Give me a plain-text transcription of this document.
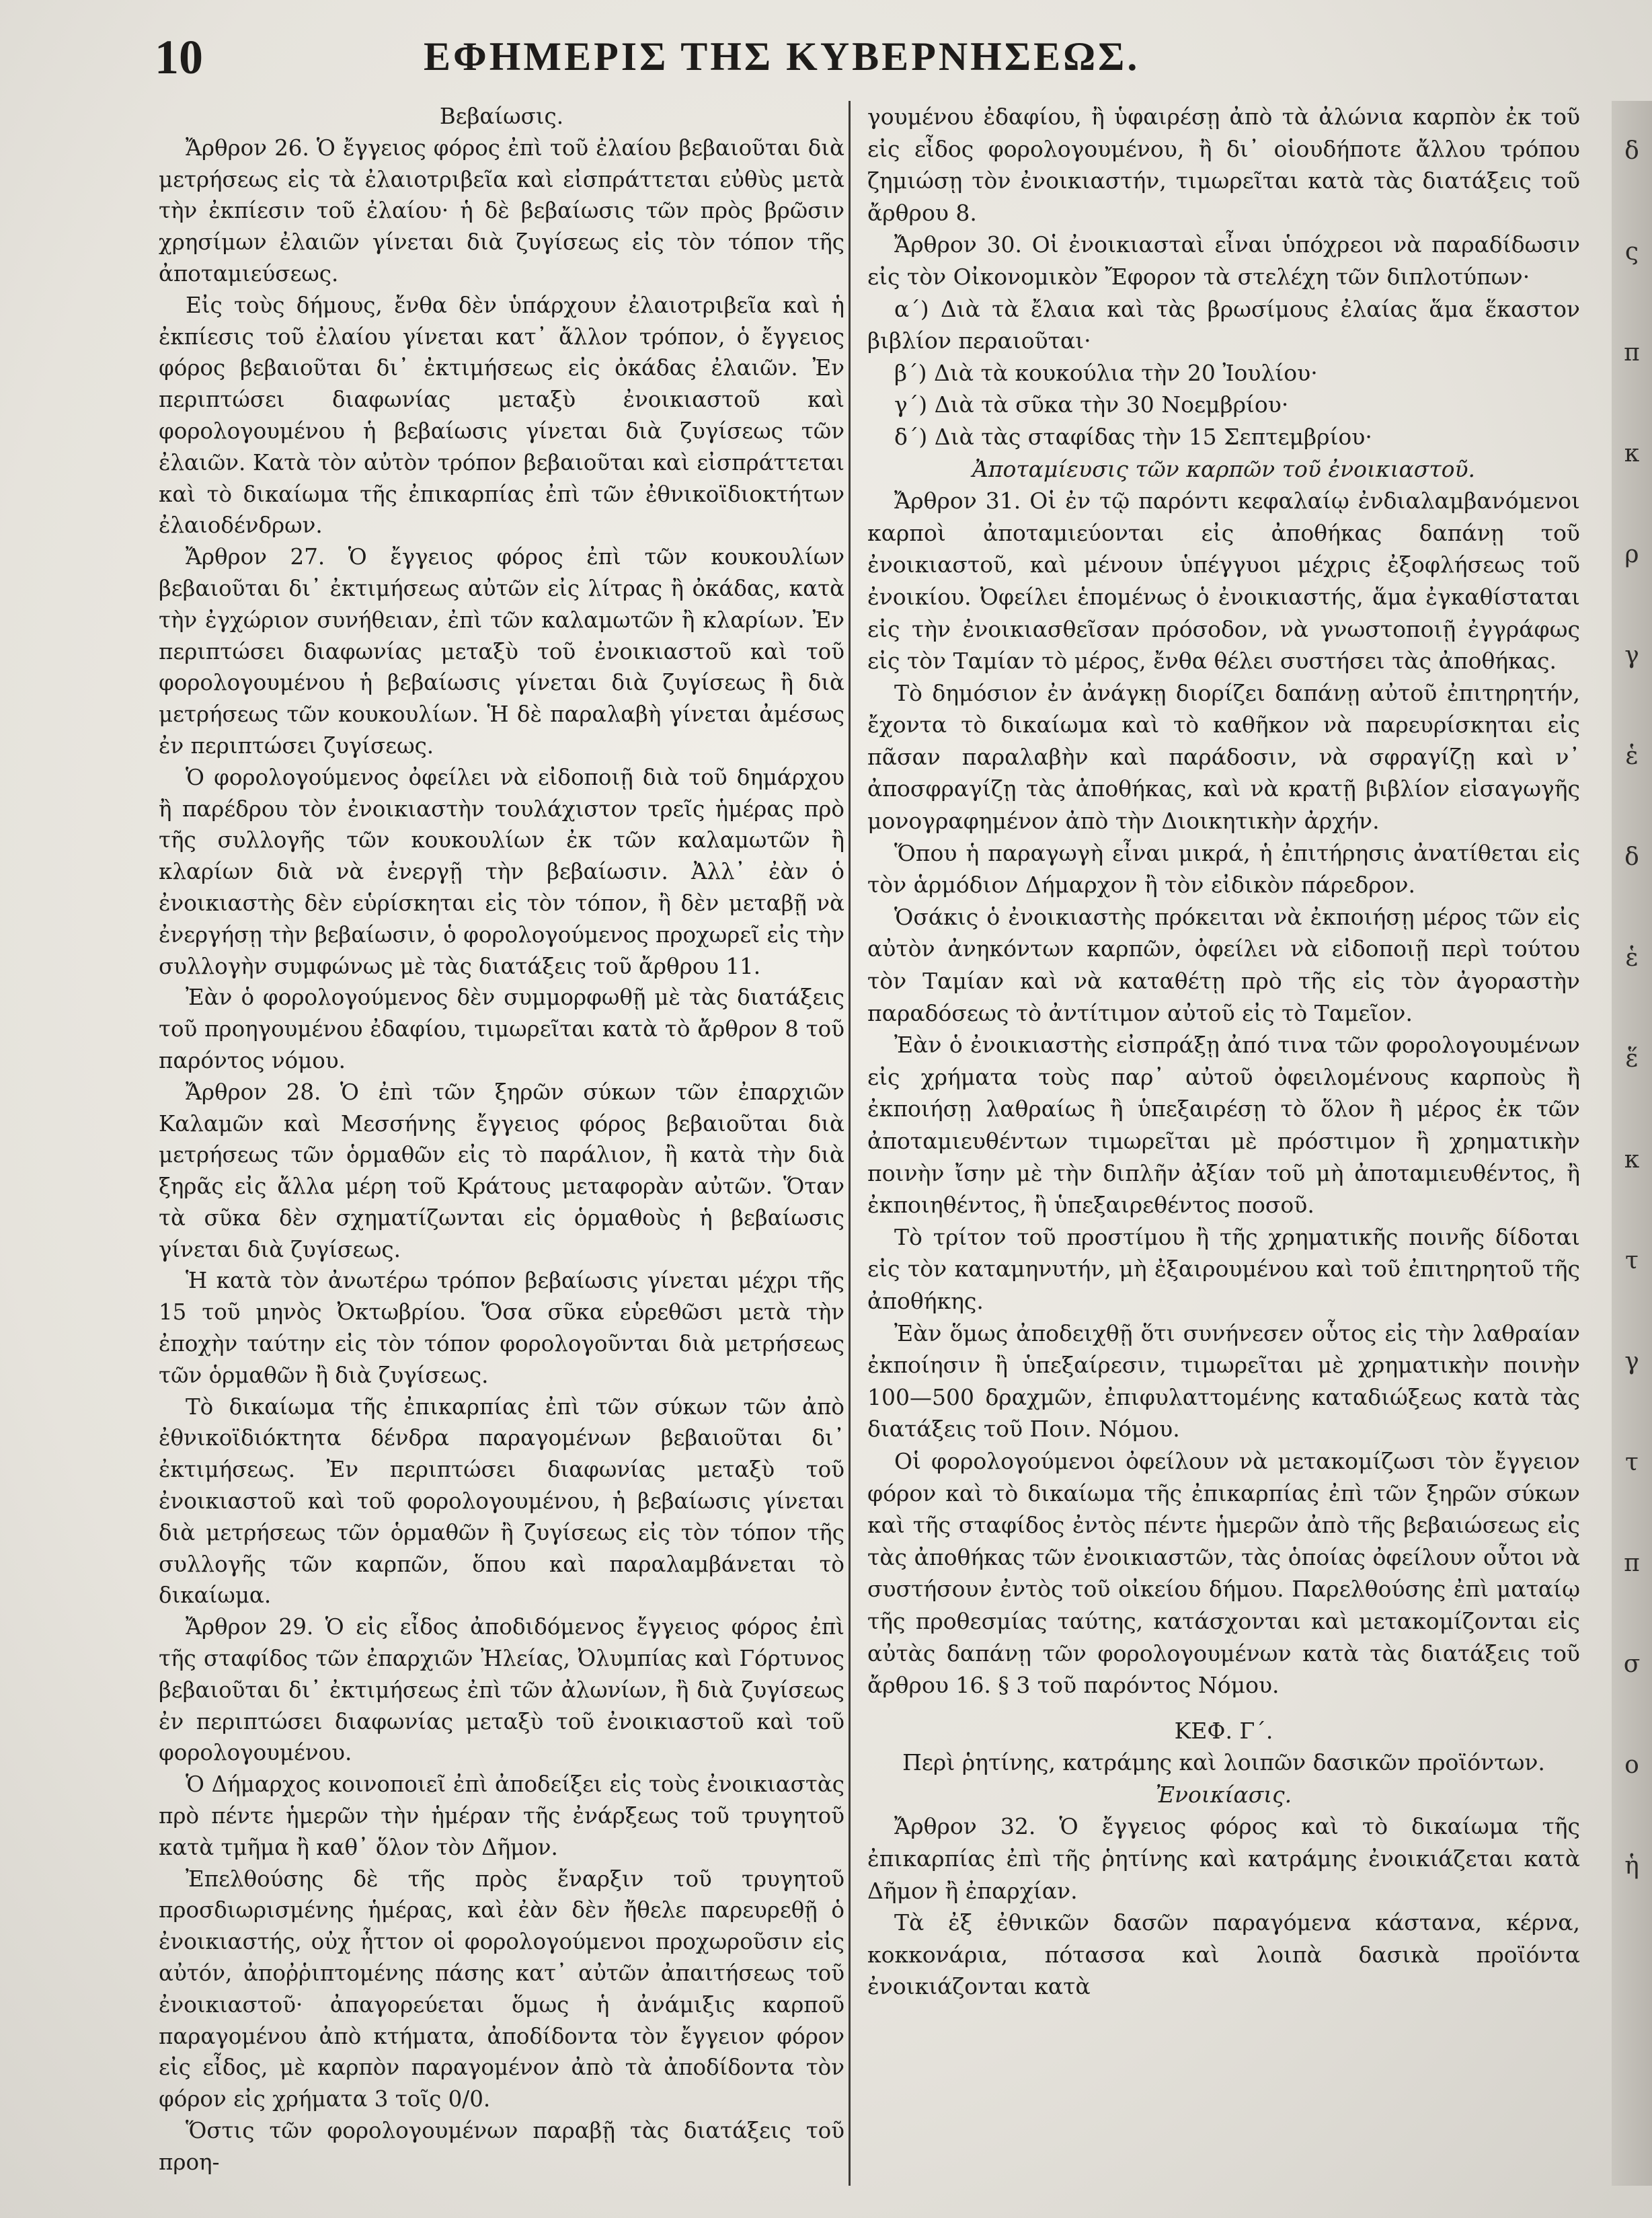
10	ΕΦΗΜΕΡΙΣ ΤΗΣ ΚΥΒΕΡΝΗΣΕΩΣ.

Βεβαίωσις.

Ἄρθρον 26. Ὁ ἔγγειος φόρος ἐπὶ τοῦ ἐλαίου βεβαιοῦται διὰ μετρήσεως εἰς τὰ ἐλαιοτριβεῖα καὶ εἰσπράττεται εὐθὺς μετὰ τὴν ἐκπίεσιν τοῦ ἐλαίου· ἡ δὲ βεβαίωσις τῶν πρὸς βρῶσιν χρησίμων ἐλαιῶν γίνεται διὰ ζυγίσεως εἰς τὸν τόπον τῆς ἀποταμιεύσεως.

Εἰς τοὺς δήμους, ἔνθα δὲν ὑπάρχουν ἐλαιοτριβεῖα καὶ ἡ ἐκπίεσις τοῦ ἐλαίου γίνεται κατ᾽ ἄλλον τρόπον, ὁ ἔγγειος φόρος βεβαιοῦται δι᾽ ἐκτιμήσεως εἰς ὀκάδας ἐλαιῶν. Ἐν περιπτώσει διαφωνίας μεταξὺ ἐνοικιαστοῦ καὶ φορολογουμένου ἡ βεβαίωσις γίνεται διὰ ζυγίσεως τῶν ἐλαιῶν. Κατὰ τὸν αὐτὸν τρόπον βεβαιοῦται καὶ εἰσπράττεται καὶ τὸ δικαίωμα τῆς ἐπικαρπίας ἐπὶ τῶν ἐθνικοϊδιοκτήτων ἐλαιοδένδρων.

Ἄρθρον 27. Ὁ ἔγγειος φόρος ἐπὶ τῶν κουκουλίων βεβαιοῦται δι᾽ ἐκτιμήσεως αὐτῶν εἰς λίτρας ἢ ὀκάδας, κατὰ τὴν ἐγχώριον συνήθειαν, ἐπὶ τῶν καλαμωτῶν ἢ κλαρίων. Ἐν περιπτώσει διαφωνίας μεταξὺ τοῦ ἐνοικιαστοῦ καὶ τοῦ φορολογουμένου ἡ βεβαίωσις γίνεται διὰ ζυγίσεως ἢ διὰ μετρήσεως τῶν κουκουλίων. Ἡ δὲ παραλαβὴ γίνεται ἀμέσως ἐν περιπτώσει ζυγίσεως.

Ὁ φορολογούμενος ὀφείλει νὰ εἰδοποιῇ διὰ τοῦ δημάρχου ἢ παρέδρου τὸν ἐνοικιαστὴν τουλάχιστον τρεῖς ἡμέρας πρὸ τῆς συλλογῆς τῶν κουκουλίων ἐκ τῶν καλαμωτῶν ἢ κλαρίων διὰ νὰ ἐνεργῇ τὴν βεβαίωσιν. Ἀλλ᾽ ἐὰν ὁ ἐνοικιαστὴς δὲν εὑρίσκηται εἰς τὸν τόπον, ἢ δὲν μεταβῇ νὰ ἐνεργήσῃ τὴν βεβαίωσιν, ὁ φορολογούμενος προχωρεῖ εἰς τὴν συλλογὴν συμφώνως μὲ τὰς διατάξεις τοῦ ἄρθρου 11.

Ἐὰν ὁ φορολογούμενος δὲν συμμορφωθῇ μὲ τὰς διατάξεις τοῦ προηγουμένου ἐδαφίου, τιμωρεῖται κατὰ τὸ ἄρθρον 8 τοῦ παρόντος νόμου.

Ἄρθρον 28. Ὁ ἐπὶ τῶν ξηρῶν σύκων τῶν ἐπαρχιῶν Καλαμῶν καὶ Μεσσήνης ἔγγειος φόρος βεβαιοῦται διὰ μετρήσεως τῶν ὁρμαθῶν εἰς τὸ παράλιον, ἢ κατὰ τὴν διὰ ξηρᾶς εἰς ἄλλα μέρη τοῦ Κράτους μεταφορὰν αὐτῶν. Ὅταν τὰ σῦκα δὲν σχηματίζωνται εἰς ὁρμαθοὺς ἡ βεβαίωσις γίνεται διὰ ζυγίσεως.

Ἡ κατὰ τὸν ἀνωτέρω τρόπον βεβαίωσις γίνεται μέχρι τῆς 15 τοῦ μηνὸς Ὀκτωβρίου. Ὅσα σῦκα εὑρεθῶσι μετὰ τὴν ἐποχὴν ταύτην εἰς τὸν τόπον φορολογοῦνται διὰ μετρήσεως τῶν ὁρμαθῶν ἢ διὰ ζυγίσεως.

Τὸ δικαίωμα τῆς ἐπικαρπίας ἐπὶ τῶν σύκων τῶν ἀπὸ ἐθνικοϊδιόκτητα δένδρα παραγομένων βεβαιοῦται δι᾽ ἐκτιμήσεως. Ἐν περιπτώσει διαφωνίας μεταξὺ τοῦ ἐνοικιαστοῦ καὶ τοῦ φορολογουμένου, ἡ βεβαίωσις γίνεται διὰ μετρήσεως τῶν ὁρμαθῶν ἢ ζυγίσεως εἰς τὸν τόπον τῆς συλλογῆς τῶν καρπῶν, ὅπου καὶ παραλαμβάνεται τὸ δικαίωμα.

Ἄρθρον 29. Ὁ εἰς εἶδος ἀποδιδόμενος ἔγγειος φόρος ἐπὶ τῆς σταφίδος τῶν ἐπαρχιῶν Ἠλείας, Ὀλυμπίας καὶ Γόρτυνος βεβαιοῦται δι᾽ ἐκτιμήσεως ἐπὶ τῶν ἀλωνίων, ἢ διὰ ζυγίσεως ἐν περιπτώσει διαφωνίας μεταξὺ τοῦ ἐνοικιαστοῦ καὶ τοῦ φορολογουμένου.

Ὁ Δήμαρχος κοινοποιεῖ ἐπὶ ἀποδείξει εἰς τοὺς ἐνοικιαστὰς πρὸ πέντε ἡμερῶν τὴν ἡμέραν τῆς ἐνάρξεως τοῦ τρυγητοῦ κατὰ τμῆμα ἢ καθ᾽ ὅλον τὸν Δῆμον.

Ἐπελθούσης δὲ τῆς πρὸς ἔναρξιν τοῦ τρυγητοῦ προσδιωρισμένης ἡμέρας, καὶ ἐὰν δὲν ἤθελε παρευρεθῇ ὁ ἐνοικιαστής, οὐχ ἧττον οἱ φορολογούμενοι προχωροῦσιν εἰς αὐτόν, ἀποῤῥιπτομένης πάσης κατ᾽ αὐτῶν ἀπαιτήσεως τοῦ ἐνοικιαστοῦ· ἀπαγορεύεται ὅμως ἡ ἀνάμιξις καρποῦ παραγομένου ἀπὸ κτήματα, ἀποδίδοντα τὸν ἔγγειον φόρον εἰς εἶδος, μὲ καρπὸν παραγομένον ἀπὸ τὰ ἀποδίδοντα τὸν φόρον εἰς χρήματα 3 τοῖς 0/0.

Ὅστις τῶν φορολογουμένων παραβῇ τὰς διατάξεις τοῦ προη-

γουμένου ἐδαφίου, ἢ ὑφαιρέσῃ ἀπὸ τὰ ἀλώνια καρπὸν ἐκ τοῦ εἰς εἶδος φορολογουμένου, ἢ δι᾽ οἱουδήποτε ἄλλου τρόπου ζημιώσῃ τὸν ἐνοικιαστήν, τιμωρεῖται κατὰ τὰς διατάξεις τοῦ ἄρθρου 8.

Ἄρθρον 30. Οἱ ἐνοικιασταὶ εἶναι ὑπόχρεοι νὰ παραδίδωσιν εἰς τὸν Οἰκονομικὸν Ἔφορον τὰ στελέχη τῶν διπλοτύπων·

α΄) Διὰ τὰ ἔλαια καὶ τὰς βρωσίμους ἐλαίας ἅμα ἕκαστον βιβλίον περαιοῦται·

β΄) Διὰ τὰ κουκούλια τὴν 20 Ἰουλίου·

γ΄) Διὰ τὰ σῦκα τὴν 30 Νοεμβρίου·

δ΄) Διὰ τὰς σταφίδας τὴν 15 Σεπτεμβρίου·

Ἀποταμίευσις τῶν καρπῶν τοῦ ἐνοικιαστοῦ.

Ἄρθρον 31. Οἱ ἐν τῷ παρόντι κεφαλαίῳ ἐνδιαλαμβανόμενοι καρποὶ ἀποταμιεύονται εἰς ἀποθήκας δαπάνῃ τοῦ ἐνοικιαστοῦ, καὶ μένουν ὑπέγγυοι μέχρις ἐξοφλήσεως τοῦ ἐνοικίου. Ὀφείλει ἑπομένως ὁ ἐνοικιαστής, ἅμα ἐγκαθίσταται εἰς τὴν ἐνοικιασθεῖσαν πρόσοδον, νὰ γνωστοποιῇ ἐγγράφως εἰς τὸν Ταμίαν τὸ μέρος, ἔνθα θέλει συστήσει τὰς ἀποθήκας.

Τὸ δημόσιον ἐν ἀνάγκῃ διορίζει δαπάνῃ αὐτοῦ ἐπιτηρητήν, ἔχοντα τὸ δικαίωμα καὶ τὸ καθῆκον νὰ παρευρίσκηται εἰς πᾶσαν παραλαβὴν καὶ παράδοσιν, νὰ σφραγίζῃ καὶ ν᾽ ἀποσφραγίζῃ τὰς ἀποθήκας, καὶ νὰ κρατῇ βιβλίον εἰσαγωγῆς μονογραφημένον ἀπὸ τὴν Διοικητικὴν ἀρχήν.

Ὅπου ἡ παραγωγὴ εἶναι μικρά, ἡ ἐπιτήρησις ἀνατίθεται εἰς τὸν ἁρμόδιον Δήμαρχον ἢ τὸν εἰδικὸν πάρεδρον.

Ὁσάκις ὁ ἐνοικιαστὴς πρόκειται νὰ ἐκποιήσῃ μέρος τῶν εἰς αὐτὸν ἀνηκόντων καρπῶν, ὀφείλει νὰ εἰδοποιῇ περὶ τούτου τὸν Ταμίαν καὶ νὰ καταθέτῃ πρὸ τῆς εἰς τὸν ἀγοραστὴν παραδόσεως τὸ ἀντίτιμον αὐτοῦ εἰς τὸ Ταμεῖον.

Ἐὰν ὁ ἐνοικιαστὴς εἰσπράξῃ ἀπό τινα τῶν φορολογουμένων εἰς χρήματα τοὺς παρ᾽ αὐτοῦ ὀφειλομένους καρποὺς ἢ ἐκποιήσῃ λαθραίως ἢ ὑπεξαιρέσῃ τὸ ὅλον ἢ μέρος ἐκ τῶν ἀποταμιευθέντων τιμωρεῖται μὲ πρόστιμον ἢ χρηματικὴν ποινὴν ἴσην μὲ τὴν διπλῆν ἀξίαν τοῦ μὴ ἀποταμιευθέντος, ἢ ἐκποιηθέντος, ἢ ὑπεξαιρεθέντος ποσοῦ.

Τὸ τρίτον τοῦ προστίμου ἢ τῆς χρηματικῆς ποινῆς δίδοται εἰς τὸν καταμηνυτήν, μὴ ἐξαιρουμένου καὶ τοῦ ἐπιτηρητοῦ τῆς ἀποθήκης.

Ἐὰν ὅμως ἀποδειχθῇ ὅτι συνήνεσεν οὗτος εἰς τὴν λαθραίαν ἐκποίησιν ἢ ὑπεξαίρεσιν, τιμωρεῖται μὲ χρηματικὴν ποινὴν 100—500 δραχμῶν, ἐπιφυλαττομένης καταδιώξεως κατὰ τὰς διατάξεις τοῦ Ποιν. Νόμου.

Οἱ φορολογούμενοι ὀφείλουν νὰ μετακομίζωσι τὸν ἔγγειον φόρον καὶ τὸ δικαίωμα τῆς ἐπικαρπίας ἐπὶ τῶν ξηρῶν σύκων καὶ τῆς σταφίδος ἐντὸς πέντε ἡμερῶν ἀπὸ τῆς βεβαιώσεως εἰς τὰς ἀποθήκας τῶν ἐνοικιαστῶν, τὰς ὁποίας ὀφείλουν οὗτοι νὰ συστήσουν ἐντὸς τοῦ οἰκείου δήμου. Παρελθούσης ἐπὶ ματαίῳ τῆς προθεσμίας ταύτης, κατάσχονται καὶ μετακομίζονται εἰς αὐτὰς δαπάνῃ τῶν φορολογουμένων κατὰ τὰς διατάξεις τοῦ ἄρθρου 16. § 3 τοῦ παρόντος Νόμου.

ΚΕΦ. Γ΄.

Περὶ ῥητίνης, κατράμης καὶ λοιπῶν δασικῶν προϊόντων.

Ἐνοικίασις.

Ἄρθρον 32. Ὁ ἔγγειος φόρος καὶ τὸ δικαίωμα τῆς ἐπικαρπίας ἐπὶ τῆς ῥητίνης καὶ κατράμης ἐνοικιάζεται κατὰ Δῆμον ἢ ἐπαρχίαν.

Τὰ ἐξ ἐθνικῶν δασῶν παραγόμενα κάστανα, κέρνα, κοκκονάρια, πότασσα καὶ λοιπὰ δασικὰ προϊόντα ἐνοικιάζονται κατὰ

δ
ς
π
κ
ρ
γ
ἑ
δ
ἑ
ἕ
κ
τ
γ
τ
π
σ
ο
ἡ
